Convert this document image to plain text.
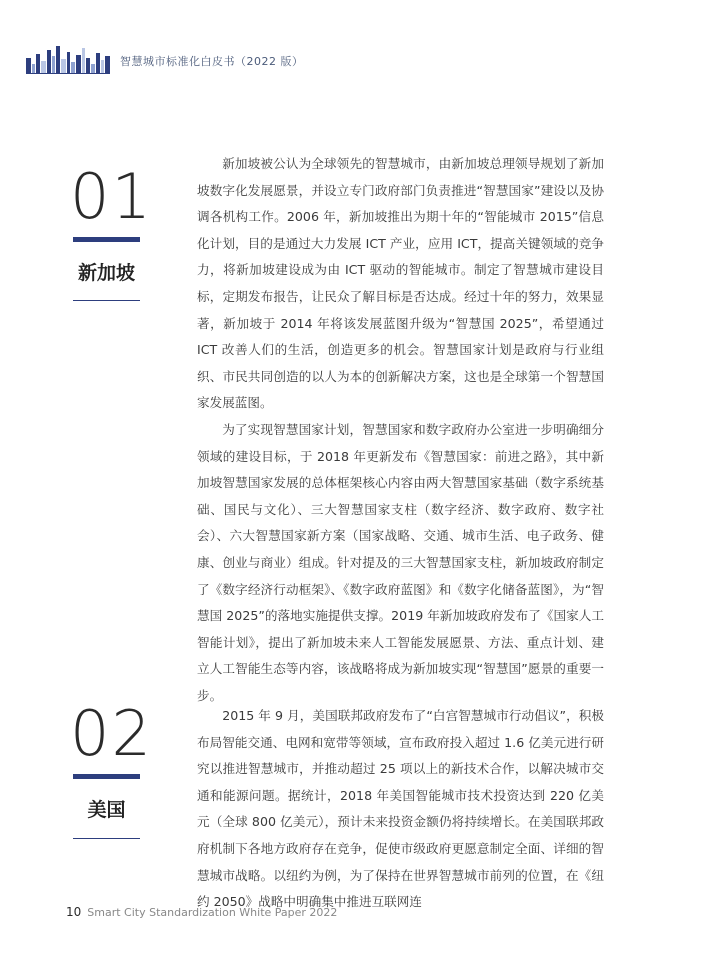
智慧城市标准化白皮书（2022 版）
01
新加坡

新加坡被公认为全球领先的智慧城市，由新加坡总理领导规划了新加坡数字化发展愿景，并设立专门政府部门负责推进“智慧国家”建设以及协调各机构工作。2006 年，新加坡推出为期十年的“智能城市 2015”信息化计划，目的是通过大力发展 ICT 产业，应用 ICT，提高关键领域的竞争力，将新加坡建设成为由 ICT 驱动的智能城市。制定了智慧城市建设目标，定期发布报告，让民众了解目标是否达成。经过十年的努力，效果显著，新加坡于 2014 年将该发展蓝图升级为“智慧国 2025”，希望通过 ICT 改善人们的生活，创造更多的机会。智慧国家计划是政府与行业组织、市民共同创造的以人为本的创新解决方案，这也是全球第一个智慧国家发展蓝图。

为了实现智慧国家计划，智慧国家和数字政府办公室进一步明确细分领域的建设目标，于 2018 年更新发布《智慧国家：前进之路》，其中新加坡智慧国家发展的总体框架核心内容由两大智慧国家基础（数字系统基础、国民与文化）、三大智慧国家支柱（数字经济、数字政府、数字社会）、六大智慧国家新方案（国家战略、交通、城市生活、电子政务、健康、创业与商业）组成。针对提及的三大智慧国家支柱，新加坡政府制定了《数字经济行动框架》、《数字政府蓝图》和《数字化储备蓝图》，为“智慧国 2025”的落地实施提供支撑。2019 年新加坡政府发布了《国家人工智能计划》，提出了新加坡未来人工智能发展愿景、方法、重点计划、建立人工智能生态等内容，该战略将成为新加坡实现“智慧国”愿景的重要一步。

02
美国

2015 年 9 月，美国联邦政府发布了“白宫智慧城市行动倡议”，积极布局智能交通、电网和宽带等领域，宣布政府投入超过 1.6 亿美元进行研究以推进智慧城市，并推动超过 25 项以上的新技术合作，以解决城市交通和能源问题。据统计，2018 年美国智能城市技术投资达到 220 亿美元（全球 800 亿美元），预计未来投资金额仍将持续增长。在美国联邦政府机制下各地方政府存在竞争，促使市级政府更愿意制定全面、详细的智慧城市战略。以纽约为例，为了保持在世界智慧城市前列的位置，在《纽约 2050》战略中明确集中推进互联网连

10 Smart City Standardization White Paper 2022
